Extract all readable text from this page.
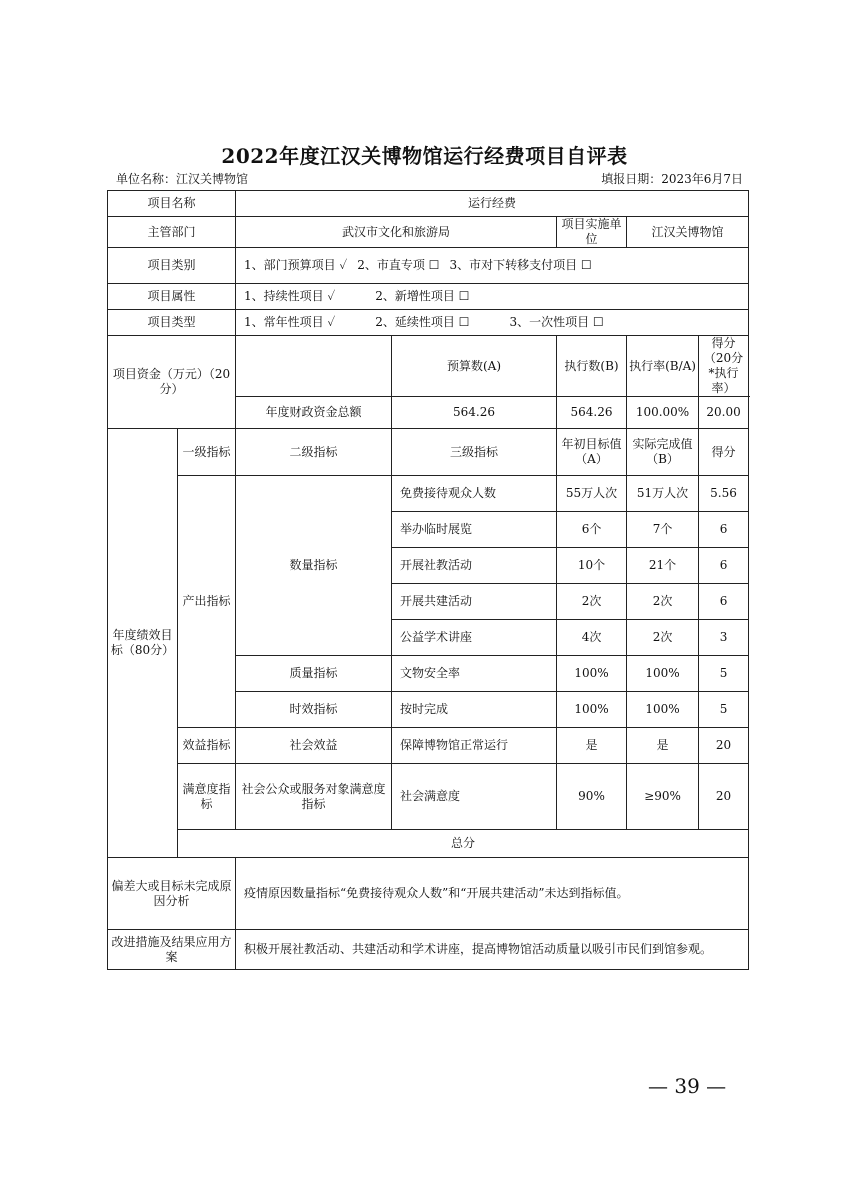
2022年度江汉关博物馆运行经费项目自评表
单位名称：江汉关博物馆	填报日期：2023年6月7日
项目名称		运行经费					
主管部门		武汉市文化和旅游局		项目实施单位	江汉关博物馆		
项目类别		1、部门预算项目 ✓ 2、市直专项 ☐ 3、市对下转移支付项目 ☐					

项目属性		1、持续性项目 ✓ 2、新增性项目 ☐					

项目类型		1、常年性项目 ✓ 2、延续性项目 ☐ 3、一次性项目 ☐					

项目资金（万元）（20分）			预算数(A)	执行数(B)	执行率(B/A)	得分（20分*执行率）	
		年度财政资金总额	564.26	564.26	100.00%	20.00	
年度绩效目标（80分）	一级指标	二级指标	三级指标	年初目标值（A）	实际完成值（B）	得分	
	产出指标	数量指标	免费接待观众人数	55万人次	51万人次	5.56	
			举办临时展览	6个	7个	6	
			开展社教活动	10个	21个	6	
			开展共建活动	2次	2次	6	
			公益学术讲座	4次	2次	3	
		质量指标	文物安全率	100%	100%	5	
		时效指标	按时完成	100%	100%	5	
	效益指标	社会效益	保障博物馆正常运行	是	是	20	
	满意度指标	社会公众或服务对象满意度指标	社会满意度	90%	≥90%	20	
	总分	
偏差大或目标未完成原因分析		疫情原因数量指标“免费接待观众人数”和“开展共建活动”未达到指标值。					
改进措施及结果应用方案		积极开展社教活动、共建活动和学术讲座，提高博物馆活动质量以吸引市民们到馆参观。					
— 39 —
